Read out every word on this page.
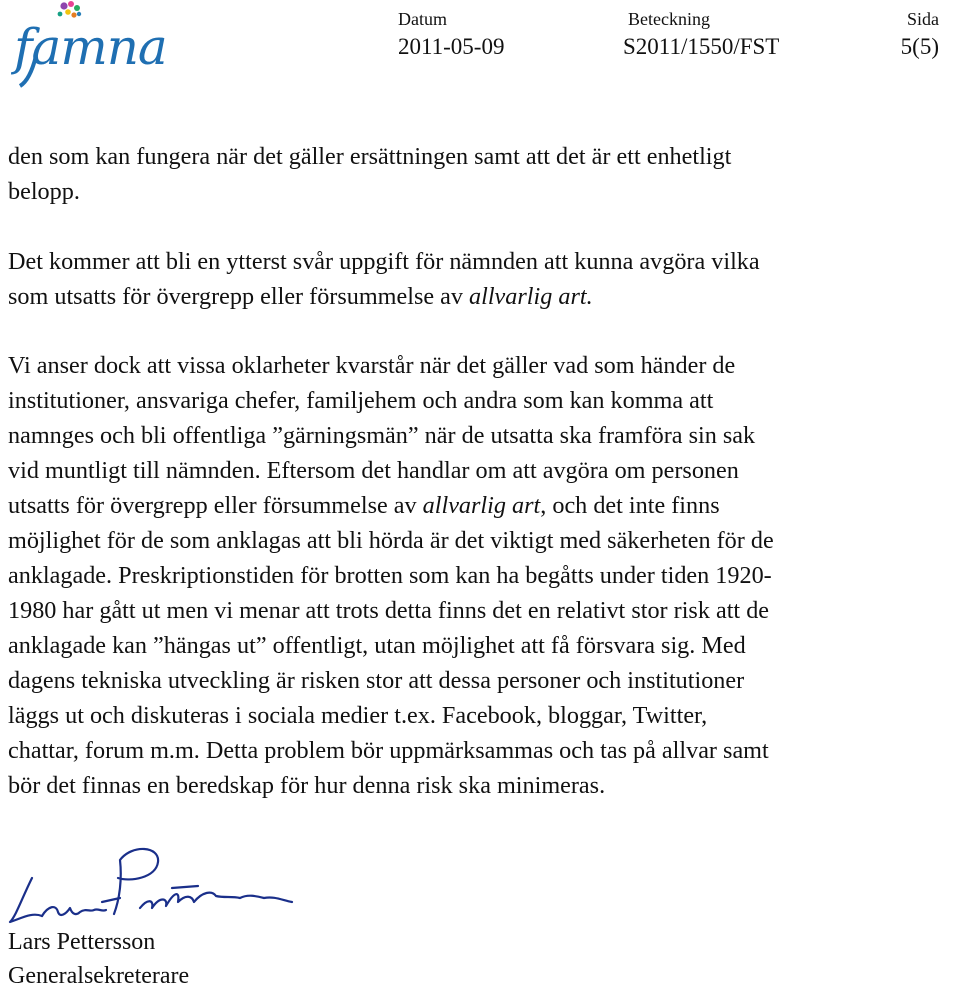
famna	Datum
2011-05-09
Beteckning
S2011/1550/FST
Sida
5(5)

den som kan fungera när det gäller ersättningen samt att det är ett enhetligt

belopp.

Det kommer att bli en ytterst svår uppgift för nämnden att kunna avgöra vilka

som utsatts för övergrepp eller försummelse av allvarlig art.

Vi anser dock att vissa oklarheter kvarstår när det gäller vad som händer de

institutioner, ansvariga chefer, familjehem och andra som kan komma att

namnges och bli offentliga ”gärningsmän” när de utsatta ska framföra sin sak

vid muntligt till nämnden. Eftersom det handlar om att avgöra om personen

utsatts för övergrepp eller försummelse av allvarlig art, och det inte finns

möjlighet för de som anklagas att bli hörda är det viktigt med säkerheten för de

anklagade. Preskriptionstiden för brotten som kan ha begåtts under tiden 1920-

1980 har gått ut men vi menar att trots detta finns det en relativt stor risk att de

anklagade kan ”hängas ut” offentligt, utan möjlighet att få försvara sig. Med

dagens tekniska utveckling är risken stor att dessa personer och institutioner

läggs ut och diskuteras i sociala medier t.ex. Facebook, bloggar, Twitter,

chattar, forum m.m. Detta problem bör uppmärksammas och tas på allvar samt

bör det finnas en beredskap för hur denna risk ska minimeras.

Lars Pettersson
Generalsekreterare
